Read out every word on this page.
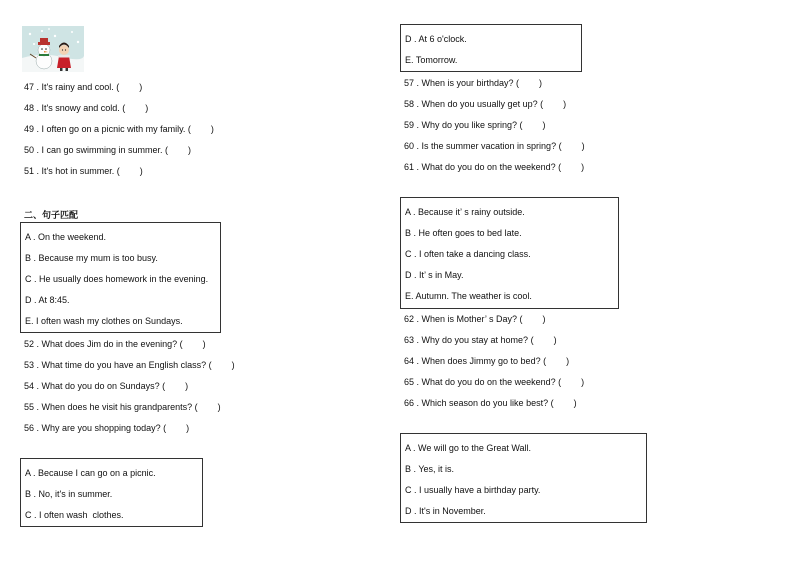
47 . It's rainy and cool. (        )
48 . It's snowy and cold. (        )
49 . I often go on a picnic with my family. (        )
50 . I can go swimming in summer. (        )
51 . It's hot in summer. (        )
二、句子匹配
A . On the weekend.
B . Because my mum is too busy.
C . He usually does homework in the evening.
D . At 8:45.
E. I often wash my clothes on Sundays.
52 . What does Jim do in the evening? (        )
53 . What time do you have an English class? (        )
54 . What do you do on Sundays? (        )
55 . When does he visit his grandparents? (        )
56 . Why are you shopping today? (        )
A . Because I can go on a picnic.
B . No, it's in summer.
C . I often wash  clothes.
D . At 6 o'clock.
E. Tomorrow.
57 . When is your birthday? (        )
58 . When do you usually get up? (        )
59 . Why do you like spring? (        )
60 . Is the summer vacation in spring? (        )
61 . What do you do on the weekend? (        )
A . Because it’ s rainy outside.
B . He often goes to bed late.
C . I often take a dancing class.
D . It’ s in May.
E. Autumn. The weather is cool.
62 . When is Mother’ s Day? (        )
63 . Why do you stay at home? (        )
64 . When does Jimmy go to bed? (        )
65 . What do you do on the weekend? (        )
66 . Which season do you like best? (        )
A . We will go to the Great Wall.
B . Yes, it is.
C . I usually have a birthday party.
D . It's in November.
